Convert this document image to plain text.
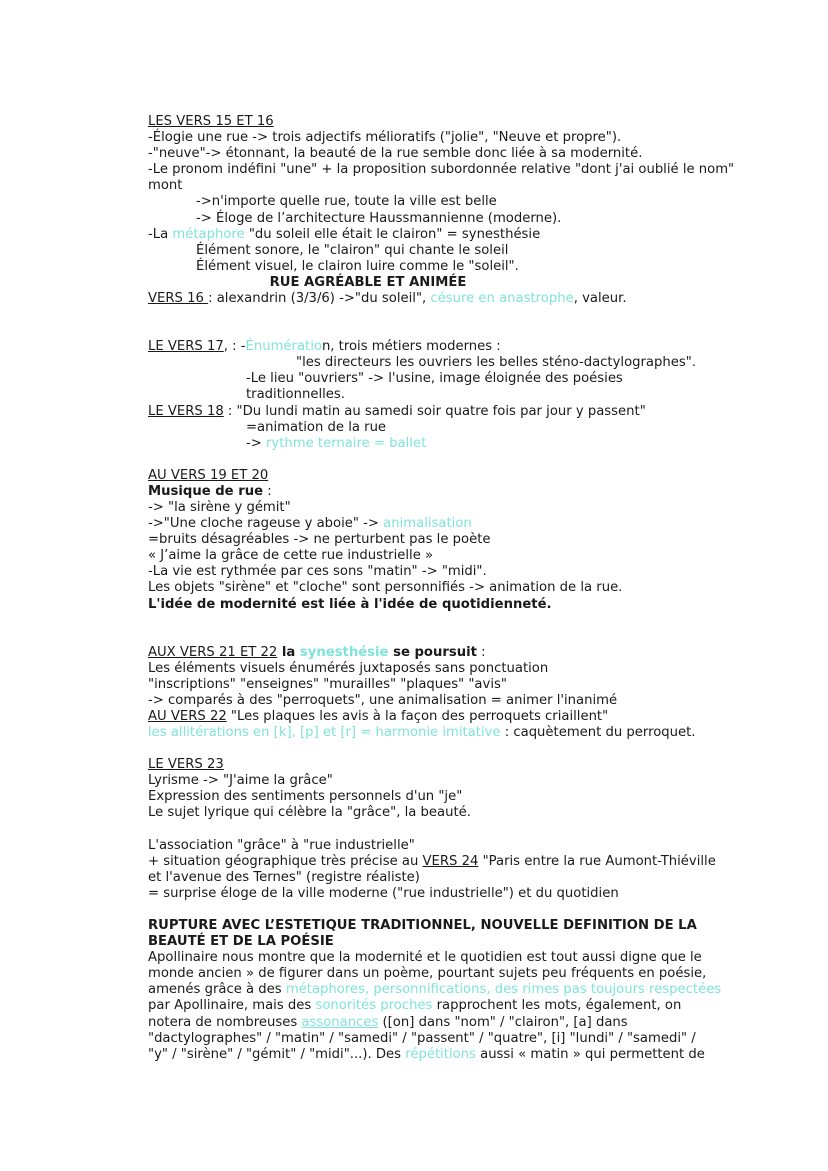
LES VERS 15 ET 16
-Élogie une rue -> trois adjectifs mélioratifs ("jolie", "Neuve et propre").
-"neuve"-> étonnant, la beauté de la rue semble donc liée à sa modernité.
-Le pronom indéfini "une" + la proposition subordonnée relative "dont j'ai oublié le nom" mont
->n'importe quelle rue, toute la ville est belle
-> Éloge de l’architecture Haussmannienne (moderne).
-La métaphore "du soleil elle était le clairon" = synesthésie
Élément sonore, le "clairon" qui chante le soleil
Élément visuel, le clairon luire comme le "soleil".
RUE AGRÉABLE ET ANIMÉE
VERS 16 : alexandrin (3/3/6) ->"du soleil", césure en anastrophe, valeur.
LE VERS 17, : -Énumération, trois métiers modernes :
"les directeurs les ouvriers les belles sténo-dactylographes".
-Le lieu "ouvriers" -> l'usine, image éloignée des poésies
traditionnelles.
LE VERS 18 : "Du lundi matin au samedi soir quatre fois par jour y passent"
=animation de la rue
-> rythme ternaire = ballet
AU VERS 19 ET 20
Musique de rue :
-> "la sirène y gémit"
->"Une cloche rageuse y aboie" -> animalisation
=bruits désagréables -> ne perturbent pas le poète
« J’aime la grâce de cette rue industrielle »
-La vie est rythmée par ces sons "matin" -> "midi".
Les objets "sirène" et "cloche" sont personnifiés -> animation de la rue.
L'idée de modernité est liée à l'idée de quotidienneté.
AUX VERS 21 ET 22 la synesthésie se poursuit :
Les éléments visuels énumérés juxtaposés sans ponctuation
"inscriptions" "enseignes" "murailles" "plaques" "avis"
-> comparés à des "perroquets", une animalisation = animer l'inanimé
AU VERS 22 "Les plaques les avis à la façon des perroquets criaillent"
les allitérations en [k], [p] et [r] = harmonie imitative : caquètement du perroquet.
LE VERS 23
Lyrisme -> "J'aime la grâce"
Expression des sentiments personnels d'un "je"
Le sujet lyrique qui célèbre la "grâce", la beauté.
L'association "grâce" à "rue industrielle"
+ situation géographique très précise au VERS 24 "Paris entre la rue Aumont-Thiéville
et l'avenue des Ternes" (registre réaliste)
= surprise éloge de la ville moderne ("rue industrielle") et du quotidien
RUPTURE AVEC L’ESTETIQUE TRADITIONNEL, NOUVELLE DEFINITION DE LA
BEAUTÉ ET DE LA POÉSIE
Apollinaire nous montre que la modernité et le quotidien est tout aussi digne que le
monde ancien » de figurer dans un poème, pourtant sujets peu fréquents en poésie,
amenés grâce à des métaphores, personnifications, des rimes pas toujours respectées
par Apollinaire, mais des sonorités proches rapprochent les mots, également, on
notera de nombreuses assonances ([on] dans "nom" / "clairon", [a] dans
"dactylographes" / "matin" / "samedi" / "passent" / "quatre", [i] "lundi" / "samedi" /
"y" / "sirène" / "gémit" / "midi"...). Des répétitions aussi « matin » qui permettent de
